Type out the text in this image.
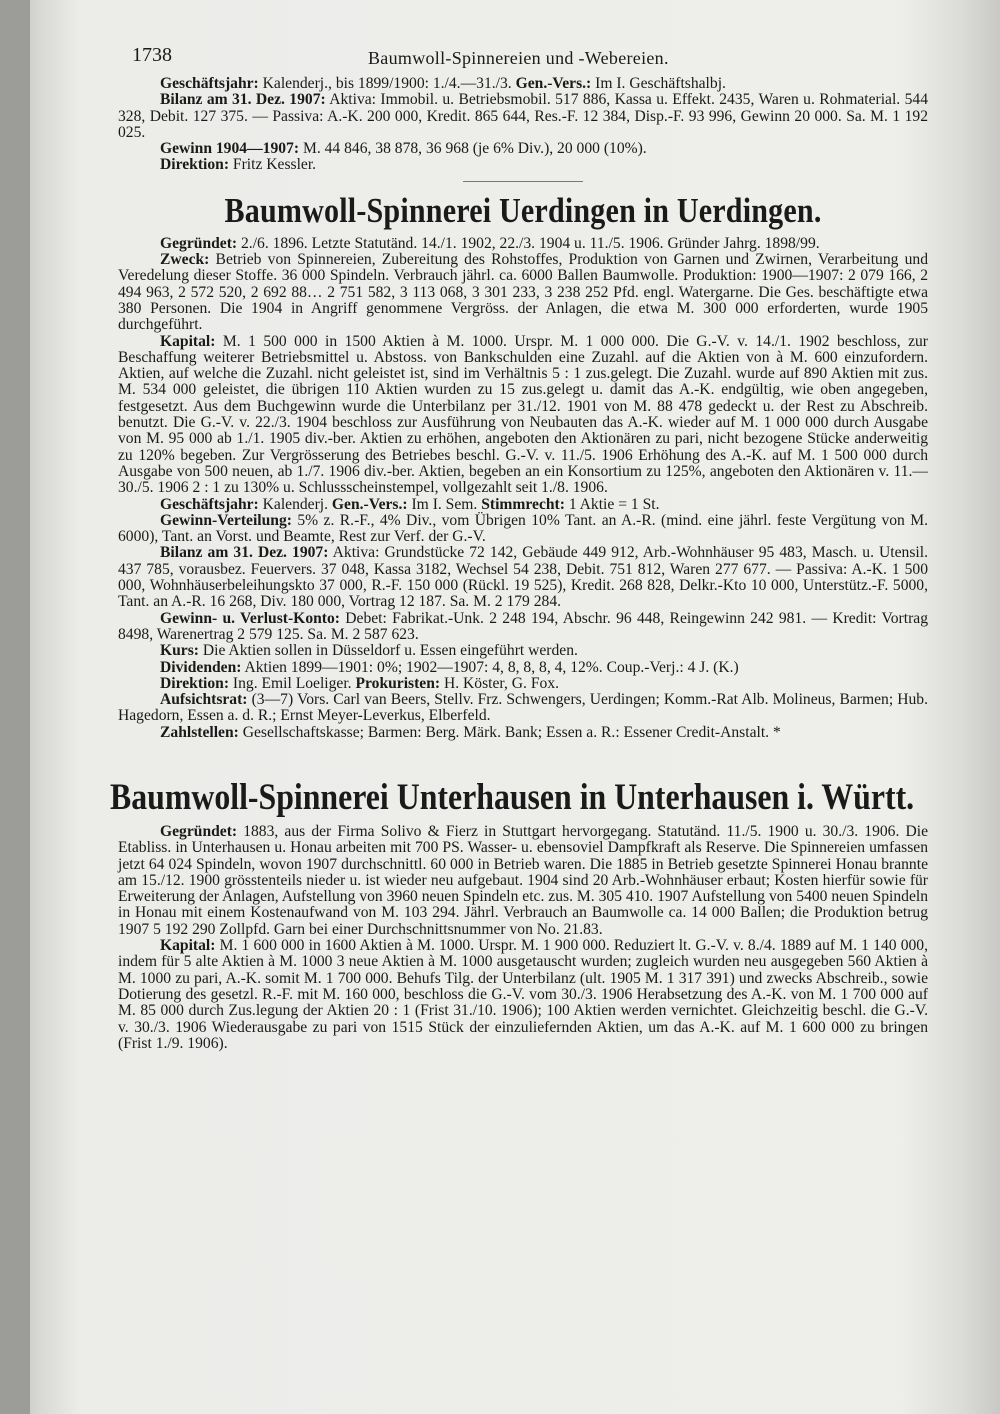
1738	Baumwoll-Spinnereien und -Webereien.

Geschäftsjahr: Kalenderj., bis 1899/1900: 1./4.—31./3. Gen.-Vers.: Im I. Geschäftshalbj.

Bilanz am 31. Dez. 1907: Aktiva: Immobil. u. Betriebsmobil. 517 886, Kassa u. Effekt. 2435, Waren u. Rohmaterial. 544 328, Debit. 127 375. — Passiva: A.-K. 200 000, Kredit. 865 644, Res.-F. 12 384, Disp.-F. 93 996, Gewinn 20 000. Sa. M. 1 192 025.

Gewinn 1904—1907: M. 44 846, 38 878, 36 968 (je 6% Div.), 20 000 (10%).

Direktion: Fritz Kessler.

Baumwoll-Spinnerei Uerdingen in Uerdingen.

Gegründet: 2./6. 1896. Letzte Statutänd. 14./1. 1902, 22./3. 1904 u. 11./5. 1906. Gründer Jahrg. 1898/99.

Zweck: Betrieb von Spinnereien, Zubereitung des Rohstoffes, Produktion von Garnen und Zwirnen, Verarbeitung und Veredelung dieser Stoffe. 36 000 Spindeln. Verbrauch jährl. ca. 6000 Ballen Baumwolle. Produktion: 1900—1907: 2 079 166, 2 494 963, 2 572 520, 2 692 88… 2 751 582, 3 113 068, 3 301 233, 3 238 252 Pfd. engl. Watergarne. Die Ges. beschäftigte etwa 380 Personen. Die 1904 in Angriff genommene Vergröss. der Anlagen, die etwa M. 300 000 erforderten, wurde 1905 durchgeführt.

Kapital: M. 1 500 000 in 1500 Aktien à M. 1000. Urspr. M. 1 000 000. Die G.-V. v. 14./1. 1902 beschloss, zur Beschaffung weiterer Betriebsmittel u. Abstoss. von Bankschulden eine Zuzahl. auf die Aktien von à M. 600 einzufordern. Aktien, auf welche die Zuzahl. nicht geleistet ist, sind im Verhältnis 5 : 1 zus.gelegt. Die Zuzahl. wurde auf 890 Aktien mit zus. M. 534 000 geleistet, die übrigen 110 Aktien wurden zu 15 zus.gelegt u. damit das A.-K. endgültig, wie oben angegeben, festgesetzt. Aus dem Buchgewinn wurde die Unterbilanz per 31./12. 1901 von M. 88 478 gedeckt u. der Rest zu Abschreib. benutzt. Die G.-V. v. 22./3. 1904 beschloss zur Ausführung von Neubauten das A.-K. wieder auf M. 1 000 000 durch Ausgabe von M. 95 000 ab 1./1. 1905 div.-ber. Aktien zu erhöhen, angeboten den Aktionären zu pari, nicht bezogene Stücke anderweitig zu 120% begeben. Zur Vergrösserung des Betriebes beschl. G.-V. v. 11./5. 1906 Erhöhung des A.-K. auf M. 1 500 000 durch Ausgabe von 500 neuen, ab 1./7. 1906 div.-ber. Aktien, begeben an ein Konsortium zu 125%, angeboten den Aktionären v. 11.—30./5. 1906 2 : 1 zu 130% u. Schlussscheinstempel, vollgezahlt seit 1./8. 1906.

Geschäftsjahr: Kalenderj. Gen.-Vers.: Im I. Sem. Stimmrecht: 1 Aktie = 1 St.

Gewinn-Verteilung: 5% z. R.-F., 4% Div., vom Übrigen 10% Tant. an A.-R. (mind. eine jährl. feste Vergütung von M. 6000), Tant. an Vorst. und Beamte, Rest zur Verf. der G.-V.

Bilanz am 31. Dez. 1907: Aktiva: Grundstücke 72 142, Gebäude 449 912, Arb.-Wohnhäuser 95 483, Masch. u. Utensil. 437 785, vorausbez. Feuervers. 37 048, Kassa 3182, Wechsel 54 238, Debit. 751 812, Waren 277 677. — Passiva: A.-K. 1 500 000, Wohnhäuserbeleihungskto 37 000, R.-F. 150 000 (Rückl. 19 525), Kredit. 268 828, Delkr.-Kto 10 000, Unterstütz.-F. 5000, Tant. an A.-R. 16 268, Div. 180 000, Vortrag 12 187. Sa. M. 2 179 284.

Gewinn- u. Verlust-Konto: Debet: Fabrikat.-Unk. 2 248 194, Abschr. 96 448, Reingewinn 242 981. — Kredit: Vortrag 8498, Warenertrag 2 579 125. Sa. M. 2 587 623.

Kurs: Die Aktien sollen in Düsseldorf u. Essen eingeführt werden.

Dividenden: Aktien 1899—1901: 0%; 1902—1907: 4, 8, 8, 8, 4, 12%. Coup.-Verj.: 4 J. (K.)

Direktion: Ing. Emil Loeliger. Prokuristen: H. Köster, G. Fox.

Aufsichtsrat: (3—7) Vors. Carl van Beers, Stellv. Frz. Schwengers, Uerdingen; Komm.-Rat Alb. Molineus, Barmen; Hub. Hagedorn, Essen a. d. R.; Ernst Meyer-Leverkus, Elberfeld.

Zahlstellen: Gesellschaftskasse; Barmen: Berg. Märk. Bank; Essen a. R.: Essener Credit-Anstalt. *

Baumwoll-Spinnerei Unterhausen in Unterhausen i. Württ.

Gegründet: 1883, aus der Firma Solivo & Fierz in Stuttgart hervorgegang. Statutänd. 11./5. 1900 u. 30./3. 1906. Die Etabliss. in Unterhausen u. Honau arbeiten mit 700 PS. Wasser- u. ebensoviel Dampfkraft als Reserve. Die Spinnereien umfassen jetzt 64 024 Spindeln, wovon 1907 durchschnittl. 60 000 in Betrieb waren. Die 1885 in Betrieb gesetzte Spinnerei Honau brannte am 15./12. 1900 grösstenteils nieder u. ist wieder neu aufgebaut. 1904 sind 20 Arb.-Wohnhäuser erbaut; Kosten hierfür sowie für Erweiterung der Anlagen, Aufstellung von 3960 neuen Spindeln etc. zus. M. 305 410. 1907 Aufstellung von 5400 neuen Spindeln in Honau mit einem Kostenaufwand von M. 103 294. Jährl. Verbrauch an Baumwolle ca. 14 000 Ballen; die Produktion betrug 1907 5 192 290 Zollpfd. Garn bei einer Durchschnittsnummer von No. 21.83.

Kapital: M. 1 600 000 in 1600 Aktien à M. 1000. Urspr. M. 1 900 000. Reduziert lt. G.-V. v. 8./4. 1889 auf M. 1 140 000, indem für 5 alte Aktien à M. 1000 3 neue Aktien à M. 1000 ausgetauscht wurden; zugleich wurden neu ausgegeben 560 Aktien à M. 1000 zu pari, A.-K. somit M. 1 700 000. Behufs Tilg. der Unterbilanz (ult. 1905 M. 1 317 391) und zwecks Abschreib., sowie Dotierung des gesetzl. R.-F. mit M. 160 000, beschloss die G.-V. vom 30./3. 1906 Herabsetzung des A.-K. von M. 1 700 000 auf M. 85 000 durch Zus.legung der Aktien 20 : 1 (Frist 31./10. 1906); 100 Aktien werden vernichtet. Gleichzeitig beschl. die G.-V. v. 30./3. 1906 Wiederausgabe zu pari von 1515 Stück der einzuliefernden Aktien, um das A.-K. auf M. 1 600 000 zu bringen (Frist 1./9. 1906).
